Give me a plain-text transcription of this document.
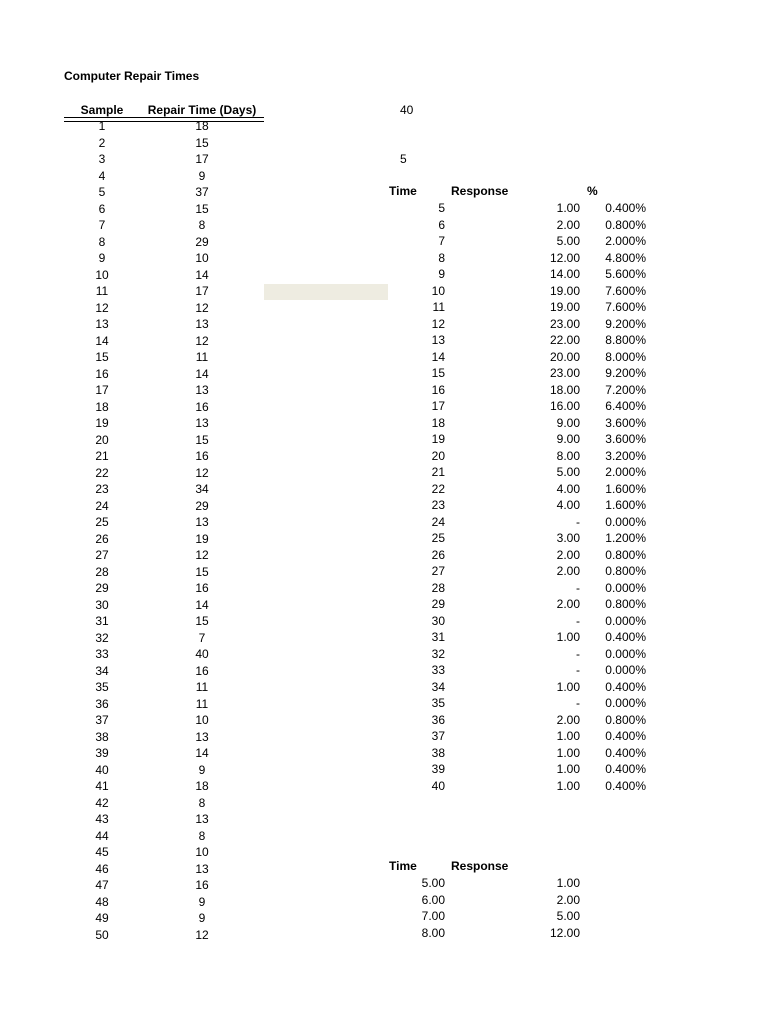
Computer Repair Times
Sample	Repair Time (Days)	40
5
Time	Response	%
1	18
2	15
3	17
4	9
5	37
6	15
7	8
8	29
9	10
10	14
11	17
12	12
13	13
14	12
15	11
16	14
17	13
18	16
19	13
20	15
21	16
22	12
23	34
24	29
25	13
26	19
27	12
28	15
29	16
30	14
31	15
32	7
33	40
34	16
35	11
36	11
37	10
38	13
39	14
40	9
41	18
42	8
43	13
44	8
45	10
46	13
47	16
48	9
49	9
50	12
5	1.00	0.400%
6	2.00	0.800%
7	5.00	2.000%
8	12.00	4.800%
9	14.00	5.600%
10	19.00	7.600%
11	19.00	7.600%
12	23.00	9.200%
13	22.00	8.800%
14	20.00	8.000%
15	23.00	9.200%
16	18.00	7.200%
17	16.00	6.400%
18	9.00	3.600%
19	9.00	3.600%
20	8.00	3.200%
21	5.00	2.000%
22	4.00	1.600%
23	4.00	1.600%
24	-	0.000%
25	3.00	1.200%
26	2.00	0.800%
27	2.00	0.800%
28	-	0.000%
29	2.00	0.800%
30	-	0.000%
31	1.00	0.400%
32	-	0.000%
33	-	0.000%
34	1.00	0.400%
35	-	0.000%
36	2.00	0.800%
37	1.00	0.400%
38	1.00	0.400%
39	1.00	0.400%
40	1.00	0.400%
Time	Response
5.00	1.00
6.00	2.00
7.00	5.00
8.00	12.00
